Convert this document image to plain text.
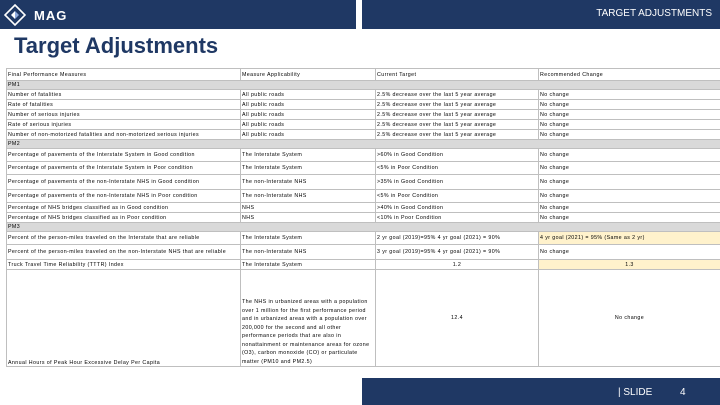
MAG	TARGET ADJUSTMENTS
Target Adjustments
Final Performance Measures	Measure Applicability	Current Target	Recommended Change
PM1			
Number of fatalities	All public roads	2.5% decrease over the last 5 year average	No change
Rate of fatalities	All public roads	2.5% decrease over the last 5 year average	No change
Number of serious injuries	All public roads	2.5% decrease over the last 5 year average	No change
Rate of serious injuries	All public roads	2.5% decrease over the last 5 year average	No change
Number of non-motorized fatalities and non-motorized serious injuries	All public roads	2.5% decrease over the last 5 year average	No change
PM2			
Percentage of pavements of the Interstate System in Good condition	The Interstate System	>60% in Good Condition	No change
Percentage of pavements of the Interstate System in Poor condition	The Interstate System	<5% in Poor Condition	No change
Percentage of pavements of the non-Interstate NHS in Good condition	The non-Interstate NHS	>35% in Good Condition	No change
Percentage of pavements of the non-Interstate NHS in Poor condition	The non-Interstate NHS	<5% in Poor Condition	No change
Percentage of NHS bridges classified as in Good condition	NHS	>40% in Good Condition	No change
Percentage of NHS bridges classified as in Poor condition	NHS	<10% in Poor Condition	No change
PM3			
Percent of the person-miles traveled on the Interstate that are reliable	The Interstate System	2 yr goal (2019)=95% 4 yr goal (2021) = 90%	4 yr goal (2021) = 95% (Same as 2 yr)
Percent of the person-miles traveled on the non-Interstate NHS that are reliable	The non-Interstate NHS	3 yr goal (2019)=95% 4 yr goal (2021) = 90%	No change
Truck Travel Time Reliability (TTTR) Index	The Interstate System	1.2	1.3
Annual Hours of Peak Hour Excessive Delay Per Capita	The NHS in urbanized areas with a population over 1 million for the first performance period and in urbanized areas with a population over 200,000 for the second and all other performance periods that are also in nonattainment or maintenance areas for ozone (O3), carbon monoxide (CO) or particulate matter (PM10 and PM2.5)	12.4	No change
| SLIDE	4
